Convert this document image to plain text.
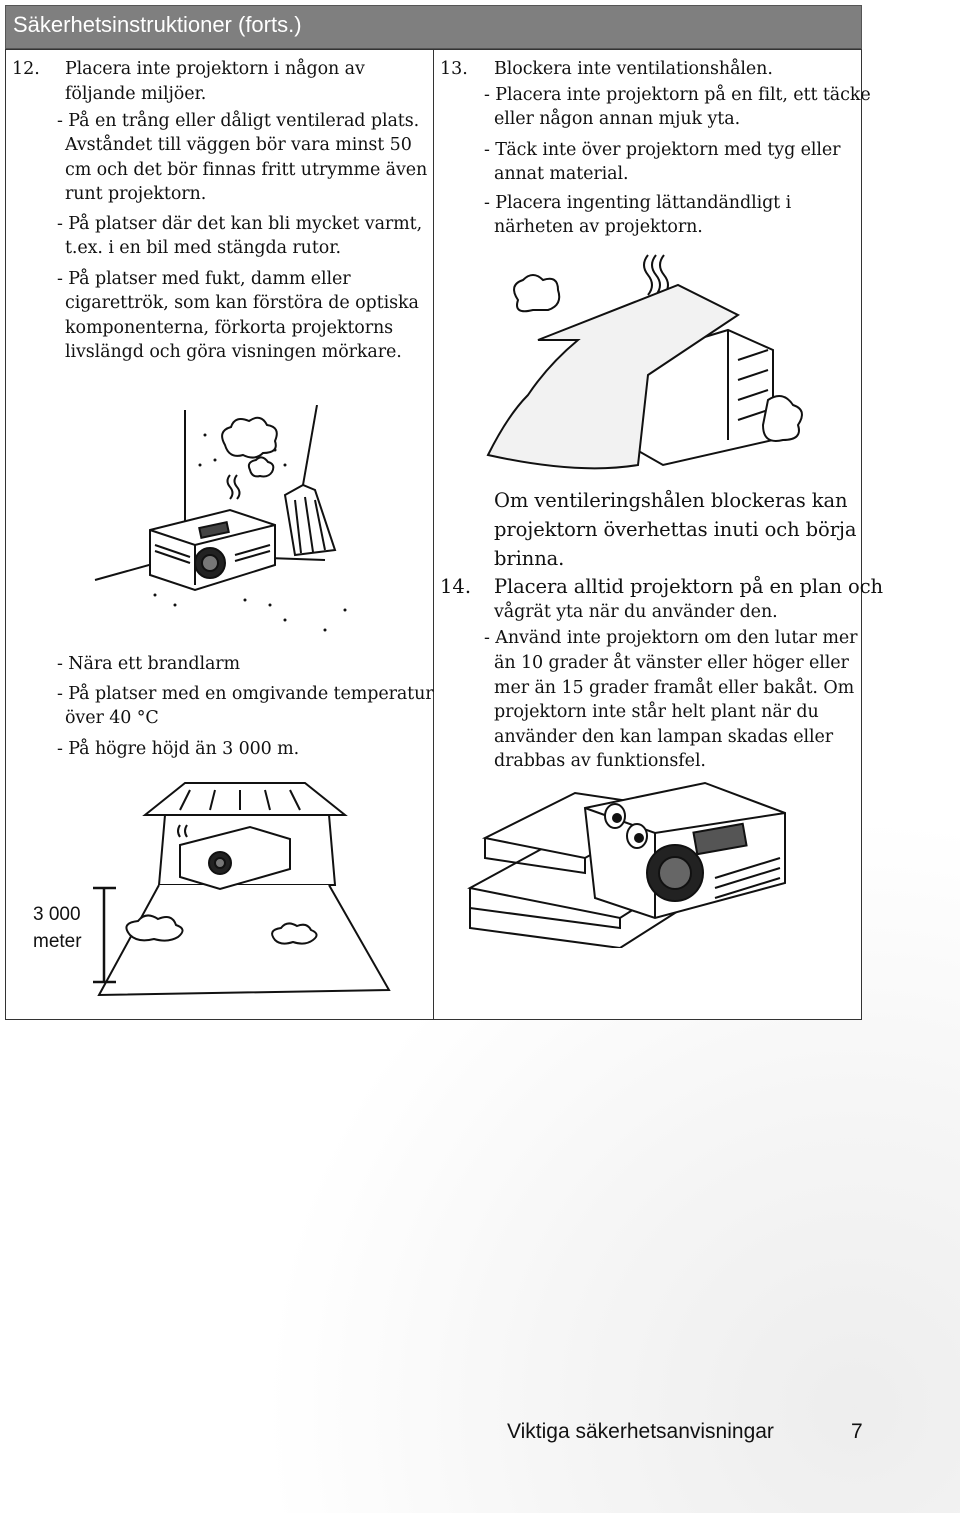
Säkerhetsinstruktioner (forts.)
12. Placera inte projektorn i någon av
följande miljöer.
- På en trång eller dåligt ventilerad plats.
Avståndet till väggen bör vara minst 50
cm och det bör finnas fritt utrymme även
runt projektorn.
- På platser där det kan bli mycket varmt,
t.ex. i en bil med stängda rutor.
- På platser med fukt, damm eller
cigarettrök, som kan förstöra de optiska
komponenterna, förkorta projektorns
livslängd och göra visningen mörkare.
- Nära ett brandlarm
- På platser med en omgivande temperatur
över 40 °C
- På högre höjd än 3 000 m.
3 000
meter
13. Blockera inte ventilationshålen.
- Placera inte projektorn på en filt, ett täcke
eller någon annan mjuk yta.
- Täck inte över projektorn med tyg eller
annat material.
- Placera ingenting lättandändligt i
närheten av projektorn.
Om ventileringshålen blockeras kan
projektorn överhettas inuti och börja
brinna.
14. Placera alltid projektorn på en plan och
vågrät yta när du använder den.
- Använd inte projektorn om den lutar mer
än 10 grader åt vänster eller höger eller
mer än 15 grader framåt eller bakåt. Om
projektorn inte står helt plant när du
använder den kan lampan skadas eller
drabbas av funktionsfel.
Viktiga säkerhetsanvisningar	7
